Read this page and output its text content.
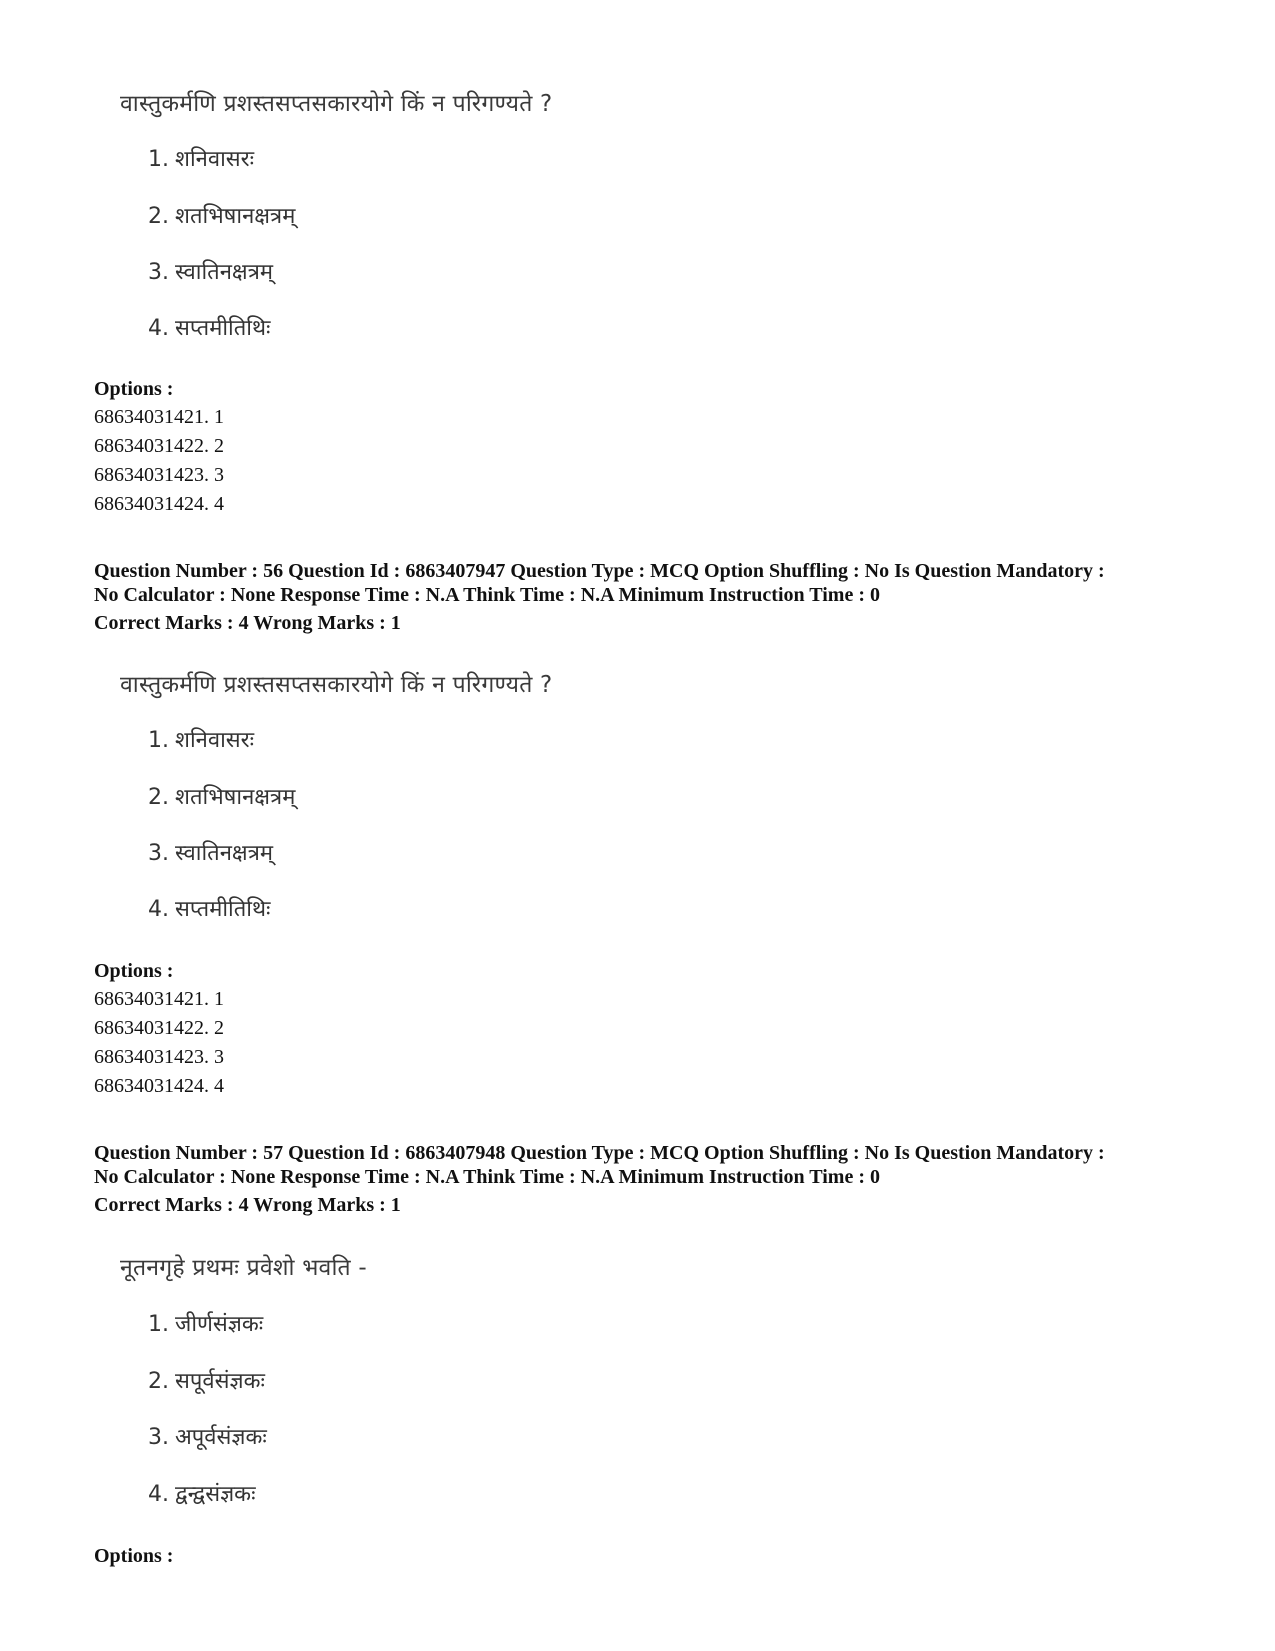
वास्तुकर्मणि प्रशस्तसप्तसकारयोगे किं न परिगण्यते ?
1. शनिवासरः
2. शतभिषानक्षत्रम्
3. स्वातिनक्षत्रम्
4. सप्तमीतिथिः
Options :
68634031421. 1
68634031422. 2
68634031423. 3
68634031424. 4
Question Number : 56 Question Id : 6863407947 Question Type : MCQ Option Shuffling : No Is Question Mandatory :
No Calculator : None Response Time : N.A Think Time : N.A Minimum Instruction Time : 0
Correct Marks : 4 Wrong Marks : 1
वास्तुकर्मणि प्रशस्तसप्तसकारयोगे किं न परिगण्यते ?
1. शनिवासरः
2. शतभिषानक्षत्रम्
3. स्वातिनक्षत्रम्
4. सप्तमीतिथिः
Options :
68634031421. 1
68634031422. 2
68634031423. 3
68634031424. 4
Question Number : 57 Question Id : 6863407948 Question Type : MCQ Option Shuffling : No Is Question Mandatory :
No Calculator : None Response Time : N.A Think Time : N.A Minimum Instruction Time : 0
Correct Marks : 4 Wrong Marks : 1
नूतनगृहे प्रथमः प्रवेशो भवति -
1. जीर्णसंज्ञकः
2. सपूर्वसंज्ञकः
3. अपूर्वसंज्ञकः
4. द्वन्द्वसंज्ञकः
Options :
